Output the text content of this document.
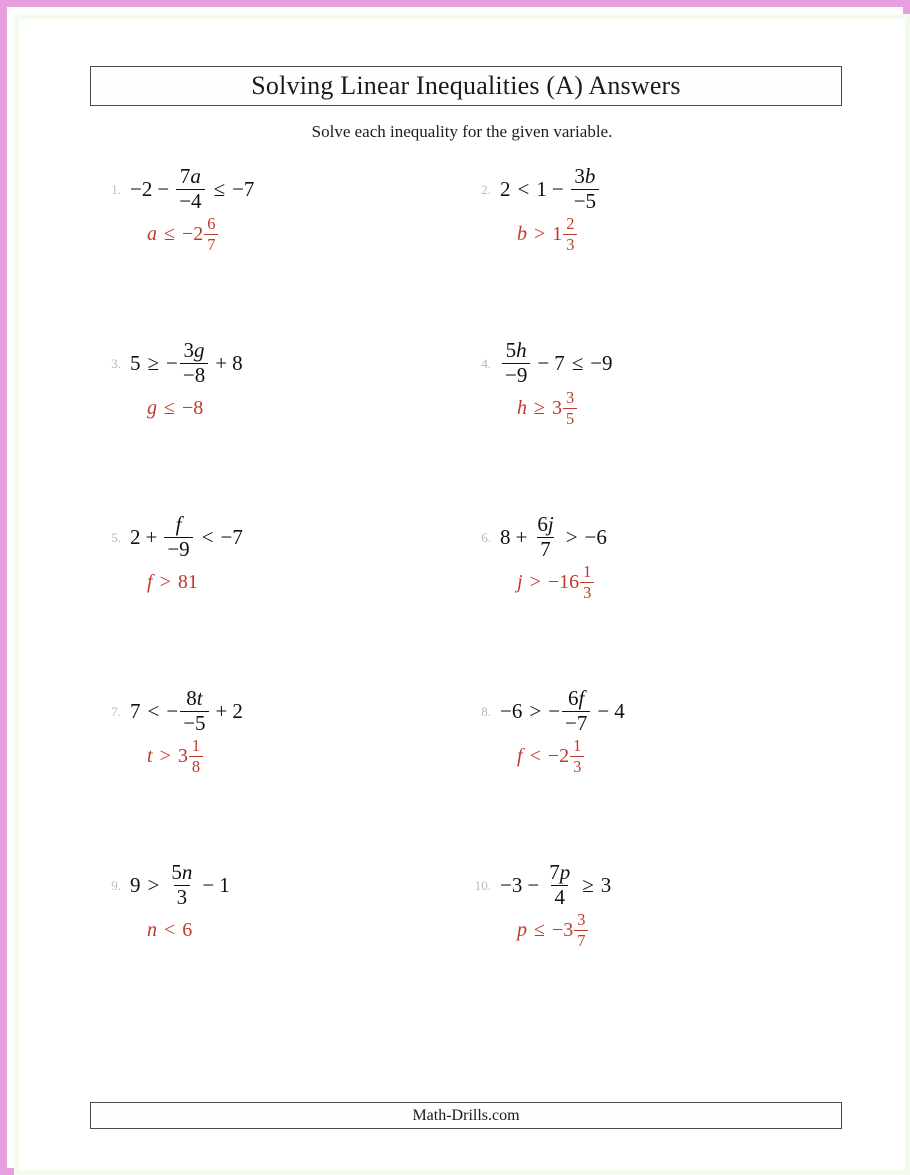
Solving Linear Inequalities (A) Answers
Solve each inequality for the given variable.
1. $-2 - \frac{7a}{-4} \le -7$
$a \le -2 \frac{6}{7}$
2. $2 < 1 - \frac{3b}{-5}$
$b > 1 \frac{2}{3}$
3. 5 ≥ − $\frac{3g}{-8} + 8$
g ≤ −8
4. $\frac{5h}{-9} - 7 \le -9$
$h \ge 3 \frac{3}{5}$
5. $2 + \frac{f}{-9} < -7$
f > 81
6. $8 + \frac{6j}{7} > -6$
$j > -16 \frac{1}{3}$
7. 7 < − $\frac{8t}{-5} + 2$
$t > 3 \frac{1}{8}$
8. −6 > − $\frac{6f}{-7} - 4$
$f < -2 \frac{1}{3}$
9. $9 > \frac{5n}{3} - 1$
n < 6
10. $-3 - \frac{7p}{4} \ge 3$
$p \le -3 \frac{3}{7}$
Math-Drills.com
